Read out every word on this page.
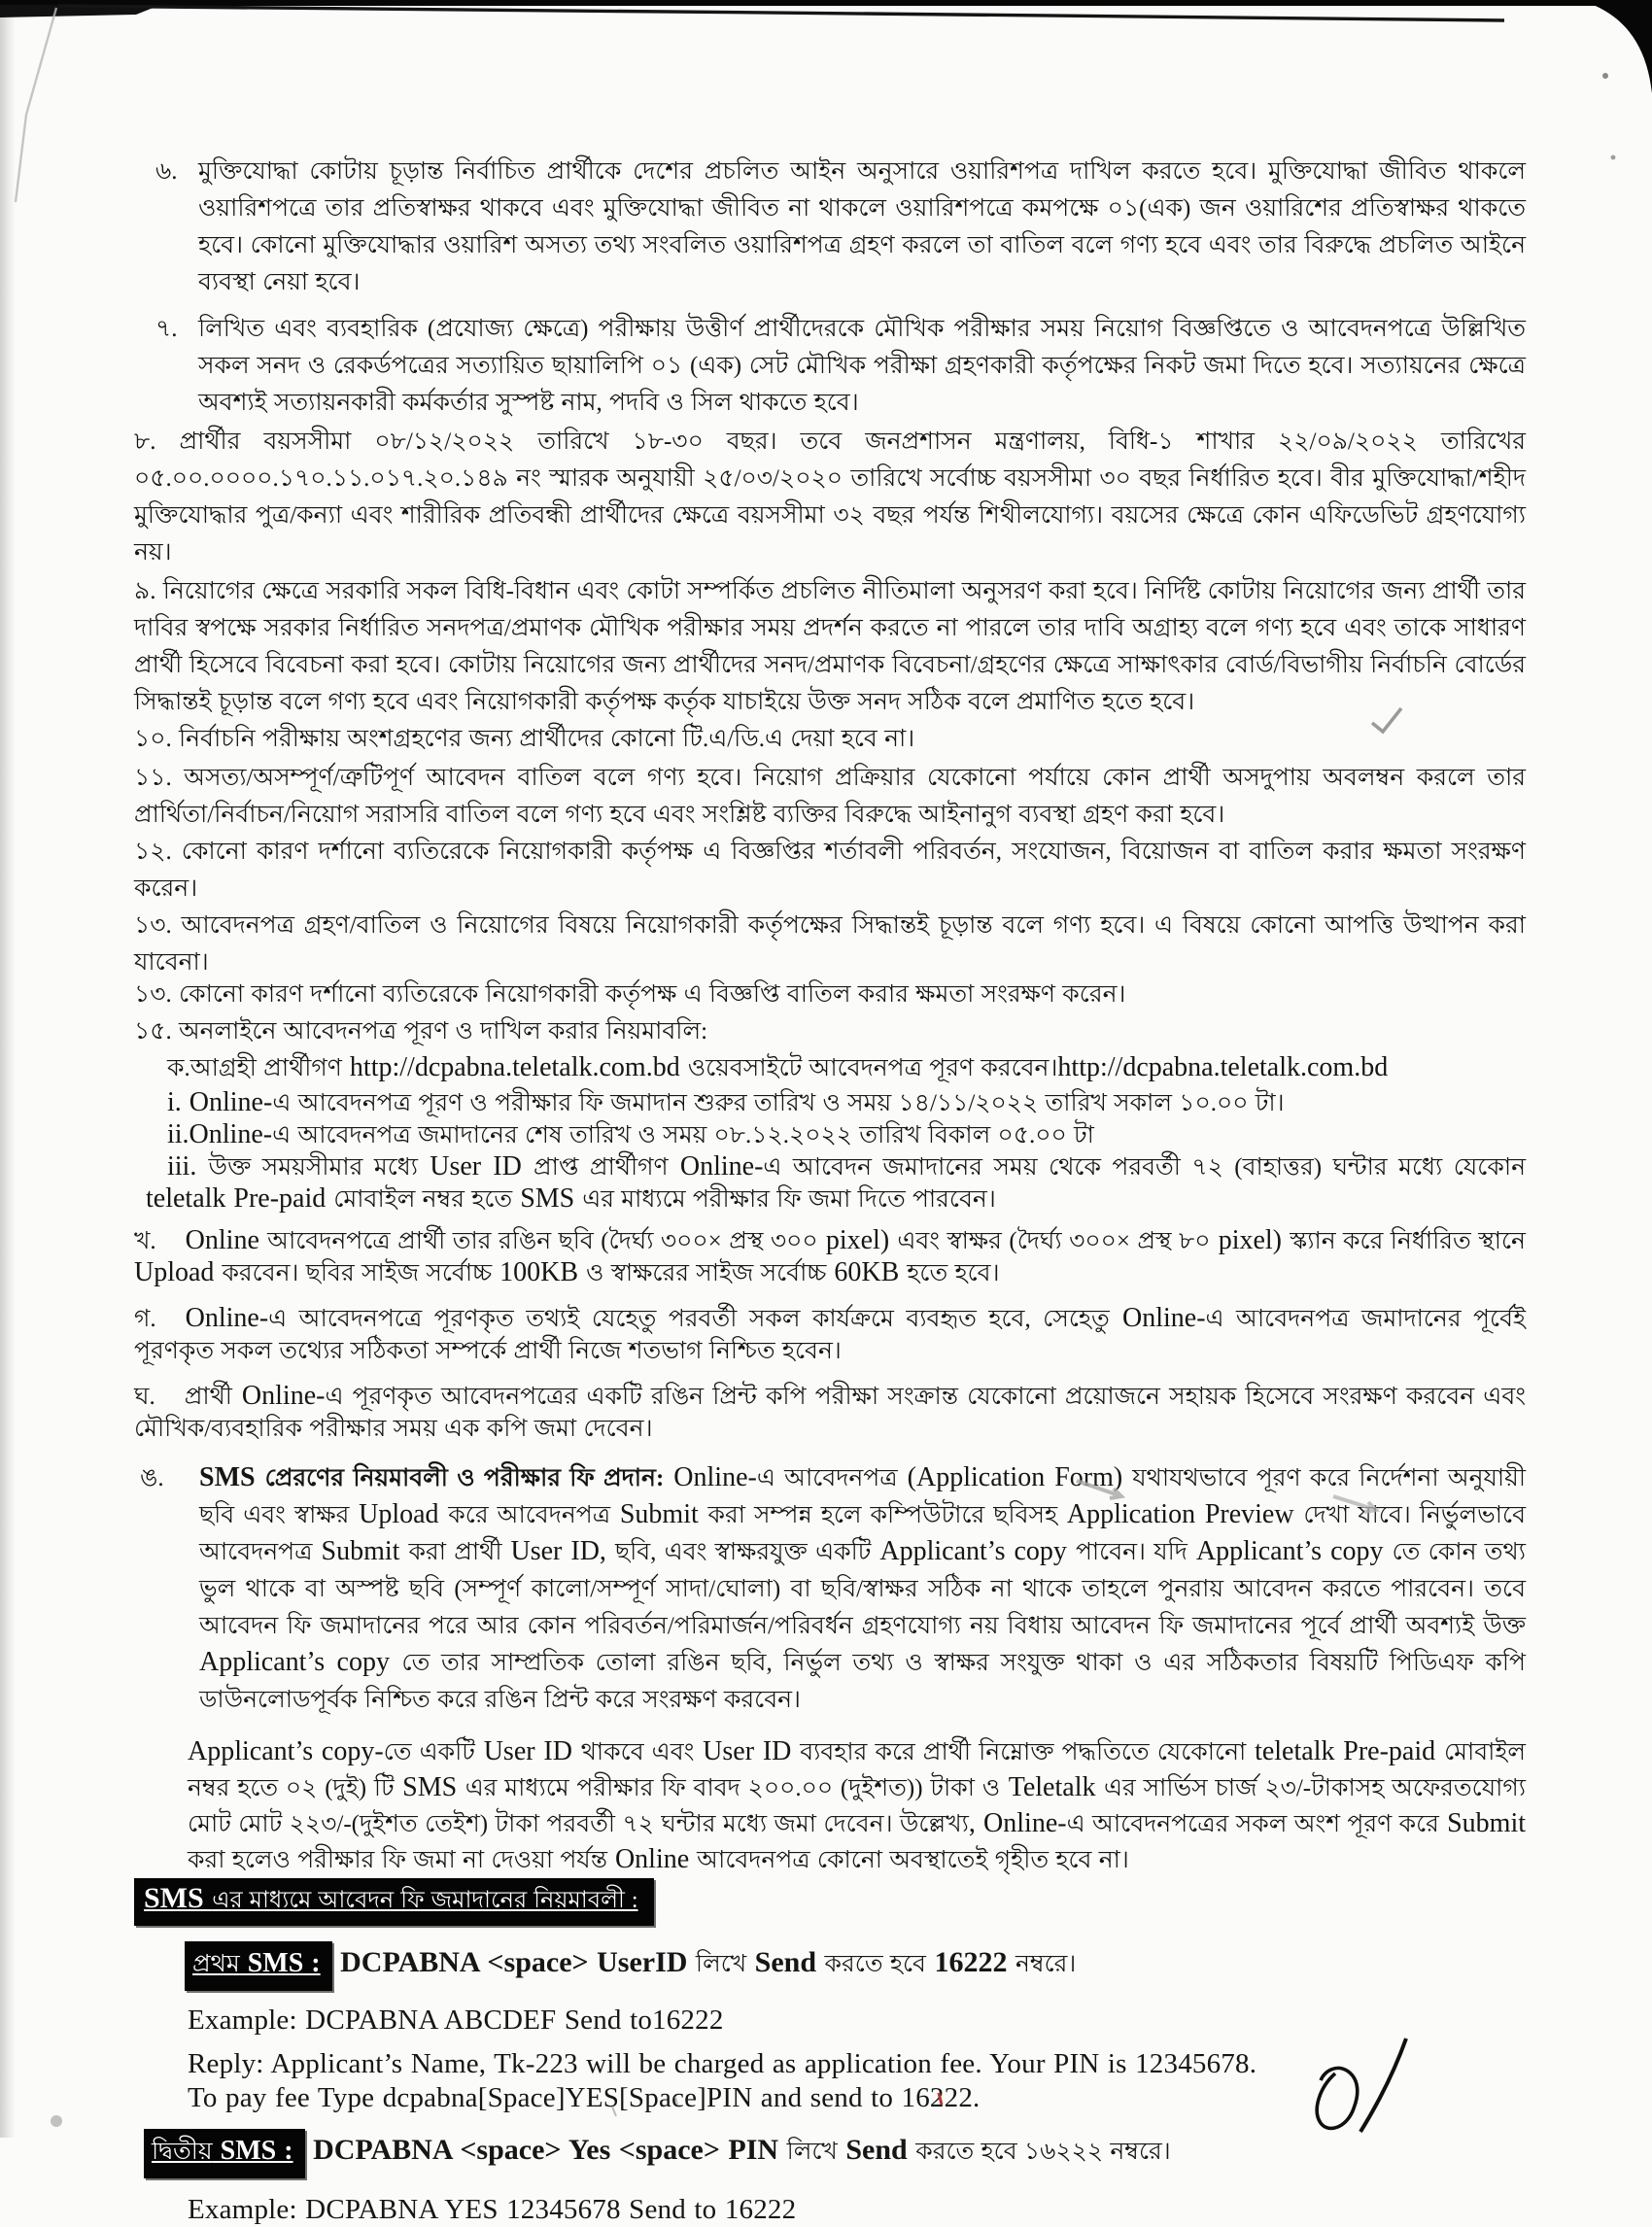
৬. মুক্তিযোদ্ধা কোটায় চূড়ান্ত নির্বাচিত প্রার্থীকে দেশের প্রচলিত আইন অনুসারে ওয়ারিশপত্র দাখিল করতে হবে। মুক্তিযোদ্ধা জীবিত থাকলে ওয়ারিশপত্রে তার প্রতিস্বাক্ষর থাকবে এবং মুক্তিযোদ্ধা জীবিত না থাকলে ওয়ারিশপত্রে কমপক্ষে ০১(এক) জন ওয়ারিশের প্রতিস্বাক্ষর থাকতে হবে। কোনো মুক্তিযোদ্ধার ওয়ারিশ অসত্য তথ্য সংবলিত ওয়ারিশপত্র গ্রহণ করলে তা বাতিল বলে গণ্য হবে এবং তার বিরুদ্ধে প্রচলিত আইনে ব্যবস্থা নেয়া হবে।

৭. লিখিত এবং ব্যবহারিক (প্রযোজ্য ক্ষেত্রে) পরীক্ষায় উত্তীর্ণ প্রার্থীদেরকে মৌখিক পরীক্ষার সময় নিয়োগ বিজ্ঞপ্তিতে ও আবেদনপত্রে উল্লিখিত সকল সনদ ও রেকর্ডপত্রের সত্যায়িত ছায়ালিপি ০১ (এক) সেট মৌখিক পরীক্ষা গ্রহণকারী কর্তৃপক্ষের নিকট জমা দিতে হবে। সত্যায়নের ক্ষেত্রে অবশ্যই সত্যায়নকারী কর্মকর্তার সুস্পষ্ট নাম, পদবি ও সিল থাকতে হবে।

৮. প্রার্থীর বয়সসীমা ০৮/১২/২০২২ তারিখে ১৮-৩০ বছর। তবে জনপ্রশাসন মন্ত্রণালয়, বিধি-১ শাখার ২২/০৯/২০২২ তারিখের ০৫.০০.০০০০.১৭০.১১.০১৭.২০.১৪৯ নং স্মারক অনুযায়ী ২৫/০৩/২০২০ তারিখে সর্বোচ্চ বয়সসীমা ৩০ বছর নির্ধারিত হবে। বীর মুক্তিযোদ্ধা/শহীদ মুক্তিযোদ্ধার পুত্র/কন্যা এবং শারীরিক প্রতিবন্ধী প্রার্থীদের ক্ষেত্রে বয়সসীমা ৩২ বছর পর্যন্ত শিথীলযোগ্য। বয়সের ক্ষেত্রে কোন এফিডেভিট গ্রহণযোগ্য নয়।

৯. নিয়োগের ক্ষেত্রে সরকারি সকল বিধি-বিধান এবং কোটা সম্পর্কিত প্রচলিত নীতিমালা অনুসরণ করা হবে। নির্দিষ্ট কোটায় নিয়োগের জন্য প্রার্থী তার দাবির স্বপক্ষে সরকার নির্ধারিত সনদপত্র/প্রমাণক মৌখিক পরীক্ষার সময় প্রদর্শন করতে না পারলে তার দাবি অগ্রাহ্য বলে গণ্য হবে এবং তাকে সাধারণ প্রার্থী হিসেবে বিবেচনা করা হবে। কোটায় নিয়োগের জন্য প্রার্থীদের সনদ/প্রমাণক বিবেচনা/গ্রহণের ক্ষেত্রে সাক্ষাৎকার বোর্ড/বিভাগীয় নির্বাচনি বোর্ডের সিদ্ধান্তই চূড়ান্ত বলে গণ্য হবে এবং নিয়োগকারী কর্তৃপক্ষ কর্তৃক যাচাইয়ে উক্ত সনদ সঠিক বলে প্রমাণিত হতে হবে।

১০. নির্বাচনি পরীক্ষায় অংশগ্রহণের জন্য প্রার্থীদের কোনো টি.এ/ডি.এ দেয়া হবে না।

১১. অসত্য/অসম্পূর্ণ/ত্রুটিপূর্ণ আবেদন বাতিল বলে গণ্য হবে। নিয়োগ প্রক্রিয়ার যেকোনো পর্যায়ে কোন প্রার্থী অসদুপায় অবলম্বন করলে তার প্রার্থিতা/নির্বাচন/নিয়োগ সরাসরি বাতিল বলে গণ্য হবে এবং সংশ্লিষ্ট ব্যক্তির বিরুদ্ধে আইনানুগ ব্যবস্থা গ্রহণ করা হবে।

১২. কোনো কারণ দর্শানো ব্যতিরেকে নিয়োগকারী কর্তৃপক্ষ এ বিজ্ঞপ্তির শর্তাবলী পরিবর্তন, সংযোজন, বিয়োজন বা বাতিল করার ক্ষমতা সংরক্ষণ করেন।

১৩. আবেদনপত্র গ্রহণ/বাতিল ও নিয়োগের বিষয়ে নিয়োগকারী কর্তৃপক্ষের সিদ্ধান্তই চূড়ান্ত বলে গণ্য হবে। এ বিষয়ে কোনো আপত্তি উত্থাপন করা যাবেনা।

১৩. কোনো কারণ দর্শানো ব্যতিরেকে নিয়োগকারী কর্তৃপক্ষ এ বিজ্ঞপ্তি বাতিল করার ক্ষমতা সংরক্ষণ করেন।

১৫. অনলাইনে আবেদনপত্র পূরণ ও দাখিল করার নিয়মাবলি:

ক.আগ্রহী প্রার্থীগণ http://dcpabna.teletalk.com.bd ওয়েবসাইটে আবেদনপত্র পূরণ করবেন।http://dcpabna.teletalk.com.bd

i. Online-এ আবেদনপত্র পূরণ ও পরীক্ষার ফি জমাদান শুরুর তারিখ ও সময় ১৪/১১/২০২২ তারিখ সকাল ১০.০০ টা।

ii.Online-এ আবেদনপত্র জমাদানের শেষ তারিখ ও সময় ০৮.১২.২০২২ তারিখ বিকাল ০৫.০০ টা

iii. উক্ত সময়সীমার মধ্যে User ID প্রাপ্ত প্রার্থীগণ Online-এ আবেদন জমাদানের সময় থেকে পরবর্তী ৭২ (বাহাত্তর) ঘন্টার মধ্যে যেকোন teletalk Pre-paid মোবাইল নম্বর হতে SMS এর মাধ্যমে পরীক্ষার ফি জমা দিতে পারবেন।

খ. Online আবেদনপত্রে প্রার্থী তার রঙিন ছবি (দৈর্ঘ্য ৩০০× প্রস্থ ৩০০ pixel) এবং স্বাক্ষর (দৈর্ঘ্য ৩০০× প্রস্থ ৮০ pixel) স্ক্যান করে নির্ধারিত স্থানে Upload করবেন। ছবির সাইজ সর্বোচ্চ 100KB ও স্বাক্ষরের সাইজ সর্বোচ্চ 60KB হতে হবে।

গ. Online-এ আবেদনপত্রে পূরণকৃত তথ্যই যেহেতু পরবর্তী সকল কার্যক্রমে ব্যবহৃত হবে, সেহেতু Online-এ আবেদনপত্র জমাদানের পূর্বেই পূরণকৃত সকল তথ্যের সঠিকতা সম্পর্কে প্রার্থী নিজে শতভাগ নিশ্চিত হবেন।

ঘ. প্রার্থী Online-এ পূরণকৃত আবেদনপত্রের একটি রঙিন প্রিন্ট কপি পরীক্ষা সংক্রান্ত যেকোনো প্রয়োজনে সহায়ক হিসেবে সংরক্ষণ করবেন এবং মৌখিক/ব্যবহারিক পরীক্ষার সময় এক কপি জমা দেবেন।

ঙ. SMS প্রেরণের নিয়মাবলী ও পরীক্ষার ফি প্রদান: Online-এ আবেদনপত্র (Application Form) যথাযথভাবে পূরণ করে নির্দেশনা অনুযায়ী ছবি এবং স্বাক্ষর Upload করে আবেদনপত্র Submit করা সম্পন্ন হলে কম্পিউটারে ছবিসহ Application Preview দেখা যাবে। নির্ভুলভাবে আবেদনপত্র Submit করা প্রার্থী User ID, ছবি, এবং স্বাক্ষরযুক্ত একটি Applicant’s copy পাবেন। যদি Applicant’s copy তে কোন তথ্য ভুল থাকে বা অস্পষ্ট ছবি (সম্পূর্ণ কালো/সম্পূর্ণ সাদা/ঘোলা) বা ছবি/স্বাক্ষর সঠিক না থাকে তাহলে পুনরায় আবেদন করতে পারবেন। তবে আবেদন ফি জমাদানের পরে আর কোন পরিবর্তন/পরিমার্জন/পরিবর্ধন গ্রহণযোগ্য নয় বিধায় আবেদন ফি জমাদানের পূর্বে প্রার্থী অবশ্যই উক্ত Applicant’s copy তে তার সাম্প্রতিক তোলা রঙিন ছবি, নির্ভুল তথ্য ও স্বাক্ষর সংযুক্ত থাকা ও এর সঠিকতার বিষয়টি পিডিএফ কপি ডাউনলোডপূর্বক নিশ্চিত করে রঙিন প্রিন্ট করে সংরক্ষণ করবেন।

Applicant’s copy-তে একটি User ID থাকবে এবং User ID ব্যবহার করে প্রার্থী নিম্নোক্ত পদ্ধতিতে যেকোনো teletalk Pre-paid মোবাইল নম্বর হতে ০২ (দুই) টি SMS এর মাধ্যমে পরীক্ষার ফি বাবদ ২০০.০০ (দুইশত)) টাকা ও Teletalk এর সার্ভিস চার্জ ২৩/-টাকাসহ অফেরতযোগ্য মোট মোট ২২৩/-(দুইশত তেইশ) টাকা পরবর্তী ৭২ ঘন্টার মধ্যে জমা দেবেন। উল্লেখ্য, Online-এ আবেদনপত্রের সকল অংশ পূরণ করে Submit করা হলেও পরীক্ষার ফি জমা না দেওয়া পর্যন্ত Online আবেদনপত্র কোনো অবস্থাতেই গৃহীত হবে না।

SMS এর মাধ্যমে আবেদন ফি জমাদানের নিয়মাবলী :

প্রথম SMS : DCPABNA <space> UserID লিখে Send করতে হবে 16222 নম্বরে।

Example: DCPABNA ABCDEF Send to16222

Reply: Applicant’s Name, Tk-223 will be charged as application fee. Your PIN is 12345678.
To pay fee Type dcpabna[Space]YES[Space]PIN and send to 16222.

দ্বিতীয় SMS : DCPABNA <space> Yes <space> PIN লিখে Send করতে হবে ১৬২২২ নম্বরে।

Example: DCPABNA YES 12345678 Send to 16222
